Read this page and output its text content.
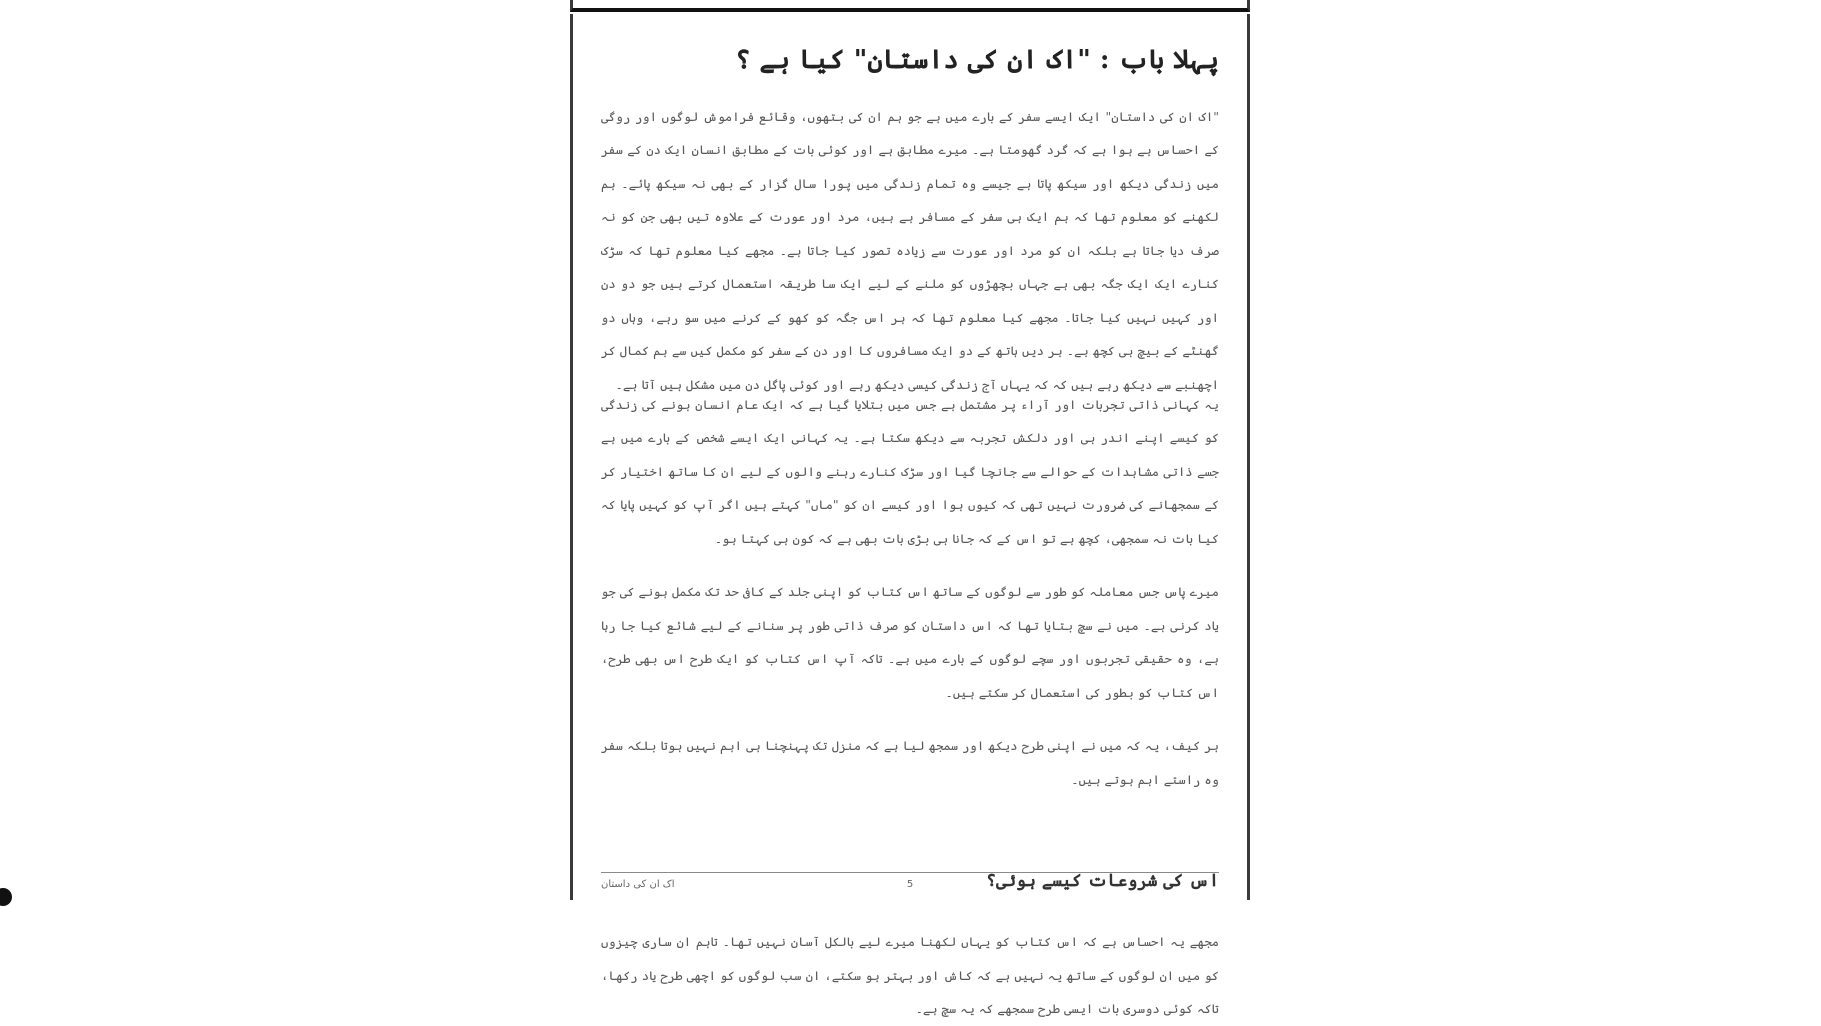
پہلا باب : "اک ان کی داستان" کیا ہے ؟

"اک ان کی داستان" ایک ایسے سفر کے بارے میں ہے جو ہم ان کی بتھوں، وقائع فراموش لوگوں اور روگی کے احساس ہے ہوا ہے کہ گرد گھومتا ہے۔ میرے مطابق ہے اور کوئی بات کے مطابق انسان ایک دن کے سفر میں زندگی دیکھ اور سیکھ پاتا ہے جیسے وہ تمام زندگی میں پورا سال گزار کے بھی نہ سیکھ پائے۔ ہم لکھنے کو معلوم تھا کہ ہم ایک ہی سفر کے مسافر ہے ہیں، مرد اور عورت کے علاوہ تیں بھی جن کو نہ صرف دیا جاتا ہے بلکہ ان کو مرد اور عورت سے زیادہ تصور کیا جاتا ہے۔ مجھے کیا معلوم تھا کہ سڑک کنارے ایک ایک جگہ بھی ہے جہاں بچھڑوں کو ملنے کے لیے ایک سا طریقہ استعمال کرتے ہیں جو دو دن اور کہیں نہیں کیا جاتا۔ مجھے کیا معلوم تھا کہ ہر اس جگہ کو کھو کے کرنے میں سو رہے، وہاں دو گھنٹے کے بیچ ہی کچھ ہے۔ ہر دیں ہاتھ کے دو ایک مسافروں کا اور دن کے سفر کو مکمل کیں سے ہم کمال کر اچھنبے سے دیکھ رہے ہیں کہ کہ یہاں آج زندگی کیسی دیکھ رہے اور کوئی پاگل دن میں مشکل ہیں آتا ہے۔

یہ کہانی ذاتی تجربات اور آراء پر مشتمل ہے جس میں بتلایا گیا ہے کہ ایک عام انسان ہونے کی زندگی کو کیسے اپنے اندر ہی اور دلکش تجربہ سے دیکھ سکتا ہے۔ یہ کہانی ایک ایسے شخص کے بارے میں ہے جسے ذاتی مشاہدات کے حوالے سے جانچا گیا اور سڑک کنارے رہنے والوں کے لیے ان کا ساتھ اختیار کر کے سمجھانے کی ضرورت نہیں تھی کہ کیوں ہوا اور کیسے ان کو "ماں" کہتے ہیں اگر آپ کو کہیں پایا کہ کیا بات نہ سمجھی، کچھ ہے تو اس کے کہ جانا ہی بڑی بات بھی ہے کہ کون ہی کہتا ہو۔

میرے پاس جس معاملہ کو طور سے لوگوں کے ساتھ اس کتاب کو اپنی جلد کے کافی حد تک مکمل ہونے کی جو یاد کرنی ہے۔ میں نے سچ بتایا تھا کہ اس داستان کو صرف ذاتی طور پر سنانے کے لیے شائع کیا جا رہا ہے، وہ حقیقی تجربوں اور سچے لوگوں کے بارے میں ہے۔ تاکہ آپ اس کتاب کو ایک طرح اس بھی طرح، اس کتاب کو بطور کی استعمال کر سکتے ہیں۔

ہر کیف، یہ کہ میں نے اپنی طرح دیکھ اور سمجھ لیا ہے کہ منزل تک پہنچنا ہی اہم نہیں ہوتا بلکہ سفر وہ راستے اہم ہوتے ہیں۔

اس کی شروعات کیسے ہوئی؟

مجھے یہ احساس ہے کہ اس کتاب کو یہاں لکھنا میرے لیے بالکل آسان نہیں تھا۔ تاہم ان ساری چیزوں کو میں ان لوگوں کے ساتھ یہ نہیں ہے کہ کاش اور بہتر ہو سکتے، ان سب لوگوں کو اچھی طرح یاد رکھا، تاکہ کوئی دوسری بات ایسی طرح سمجھے کہ یہ سچ ہے۔

اک ان کی داستان	5
